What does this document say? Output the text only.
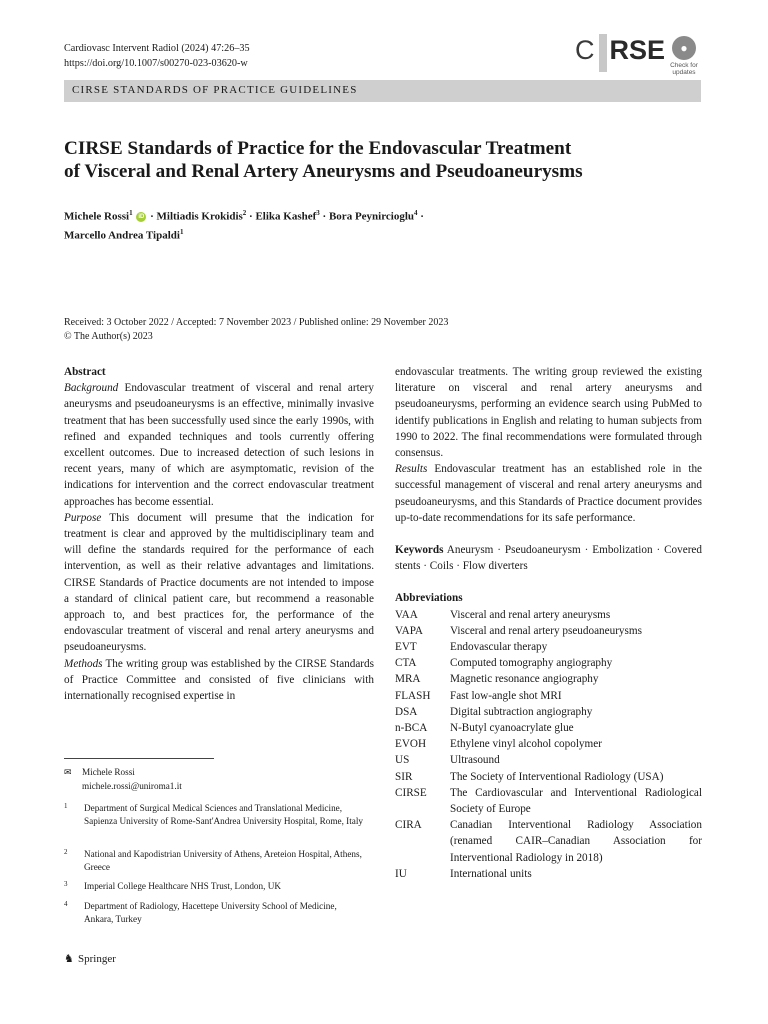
Cardiovasc Intervent Radiol (2024) 47:26–35
https://doi.org/10.1007/s00270-023-03620-w	C RSE	●
Check for
updates
CIRSE STANDARDS OF PRACTICE GUIDELINES
CIRSE Standards of Practice for the Endovascular Treatment
of Visceral and Renal Artery Aneurysms and Pseudoaneurysms
Michele Rossi$^1$ iD · Miltiadis Krokidis$^2$ · Elika Kashef$^3$ · Bora Peynircioglu$^4$ ·
Marcello Andrea Tipaldi$^1$
Received: 3 October 2022 / Accepted: 7 November 2023 / Published online: 29 November 2023
© The Author(s) 2023

Abstract

Background Endovascular treatment of visceral and renal artery aneurysms and pseudoaneurysms is an effective, minimally invasive treatment that has been successfully used since the early 1990s, with refined and expanded techniques and tools currently offering excellent outcomes. Due to increased detection of such lesions in recent years, many of which are asymptomatic, revision of the indications for intervention and the correct endovascular treatment approaches has become essential.

Purpose This document will presume that the indication for treatment is clear and approved by the multidisciplinary team and will define the standards required for the performance of each intervention, as well as their relative advantages and limitations. CIRSE Standards of Practice documents are not intended to impose a standard of clinical patient care, but recommend a reasonable approach to, and best practices for, the performance of the endovascular treatment of visceral and renal artery aneurysms and pseudoaneurysms.

Methods The writing group was established by the CIRSE Standards of Practice Committee and consisted of five clinicians with internationally recognised expertise in

endovascular treatments. The writing group reviewed the existing literature on visceral and renal artery aneurysms and pseudoaneurysms, performing an evidence search using PubMed to identify publications in English and relating to human subjects from 1990 to 2022. The final recommendations were formulated through consensus.

Results Endovascular treatment has an established role in the successful management of visceral and renal artery aneurysms and pseudoaneurysms, and this Standards of Practice document provides up-to-date recommendations for its safe performance.

Keywords Aneurysm · Pseudoaneurysm · Embolization · Covered stents · Coils · Flow diverters

Abbreviations

VAA	Visceral and renal artery aneurysms
VAPA	Visceral and renal artery pseudoaneurysms
EVT	Endovascular therapy
CTA	Computed tomography angiography
MRA	Magnetic resonance angiography
FLASH	Fast low-angle shot MRI
DSA	Digital subtraction angiography
n-BCA	N-Butyl cyanoacrylate glue
EVOH	Ethylene vinyl alcohol copolymer
US	Ultrasound
SIR	The Society of Interventional Radiology (USA)
CIRSE	The Cardiovascular and Interventional Radiological Society of Europe
CIRA	Canadian Interventional Radiology Association (renamed CAIR–Canadian Association for Interventional Radiology in 2018)
IU	International units
✉ Michele Rossi
michele.rossi@uniroma1.it
1 Department of Surgical Medical Sciences and Translational Medicine, Sapienza University of Rome-Sant'Andrea University Hospital, Rome, Italy
2 National and Kapodistrian University of Athens, Areteion Hospital, Athens, Greece
3 Imperial College Healthcare NHS Trust, London, UK
4 Department of Radiology, Hacettepe University School of Medicine, Ankara, Turkey
♞ Springer
